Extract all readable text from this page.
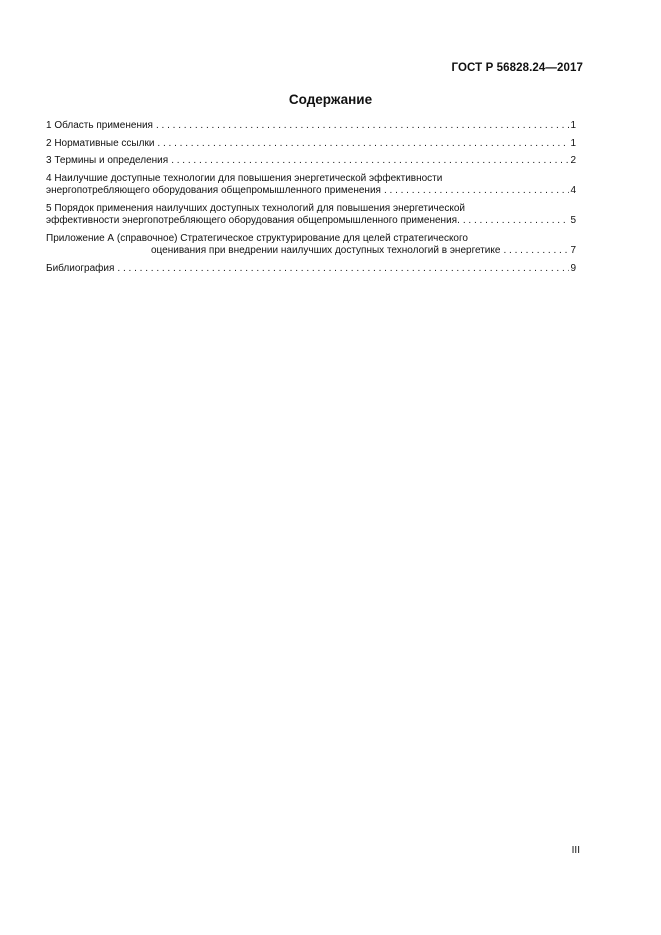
ГОСТ Р 56828.24—2017
Содержание
1 Область применения . . .	1
2 Нормативные ссылки . . .	1
3 Термины и определения . . .	2
4 Наилучшие доступные технологии для повышения энергетической эффективности
энергопотребляющего оборудования общепромышленного применения . . .	4
5 Порядок применения наилучших доступных технологий для повышения энергетической
эффективности энергопотребляющего оборудования общепромышленного применения. . . .	5
Приложение А (справочное) Стратегическое структурирование для целей стратегического
оценивания при внедрении наилучших доступных технологий в энергетике . . .	7
Библиография . . .	9
III
